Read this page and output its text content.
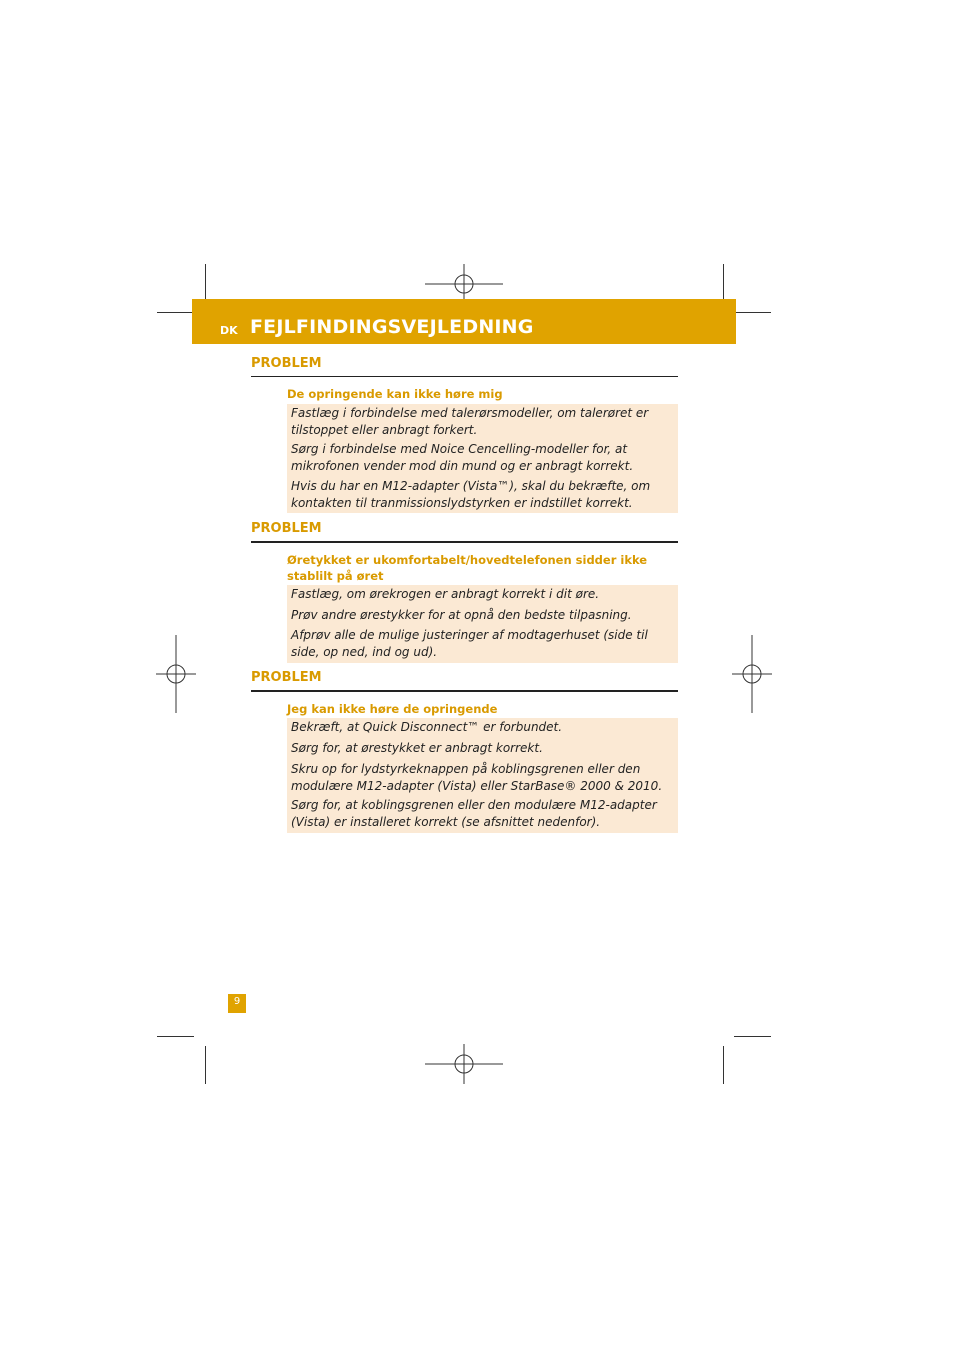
DK FEJLFINDINGSVEJLEDNING
PROBLEM
De opringende kan ikke høre mig

Fastlæg i forbindelse med talerørsmodeller, om talerøret er tilstoppet eller anbragt forkert.

Sørg i forbindelse med Noice Cencelling-modeller for, at mikrofonen vender mod din mund og er anbragt korrekt.

Hvis du har en M12-adapter (Vista™), skal du bekræfte, om kontakten til tranmissionslydstyrken er indstillet korrekt.

PROBLEM
Øretykket er ukomfortabelt/hovedtelefonen sidder ikke stablilt på øret

Fastlæg, om ørekrogen er anbragt korrekt i dit øre.

Prøv andre ørestykker for at opnå den bedste tilpasning.

Afprøv alle de mulige justeringer af modtagerhuset (side til side, op ned, ind og ud).

PROBLEM
Jeg kan ikke høre de opringende

Bekræft, at Quick Disconnect™ er forbundet.

Sørg for, at ørestykket er anbragt korrekt.

Skru op for lydstyrkeknappen på koblingsgrenen eller den modulære M12-adapter (Vista) eller StarBase® 2000 & 2010.

Sørg for, at koblingsgrenen eller den modulære M12-adapter (Vista) er installeret korrekt (se afsnittet nedenfor).

9
